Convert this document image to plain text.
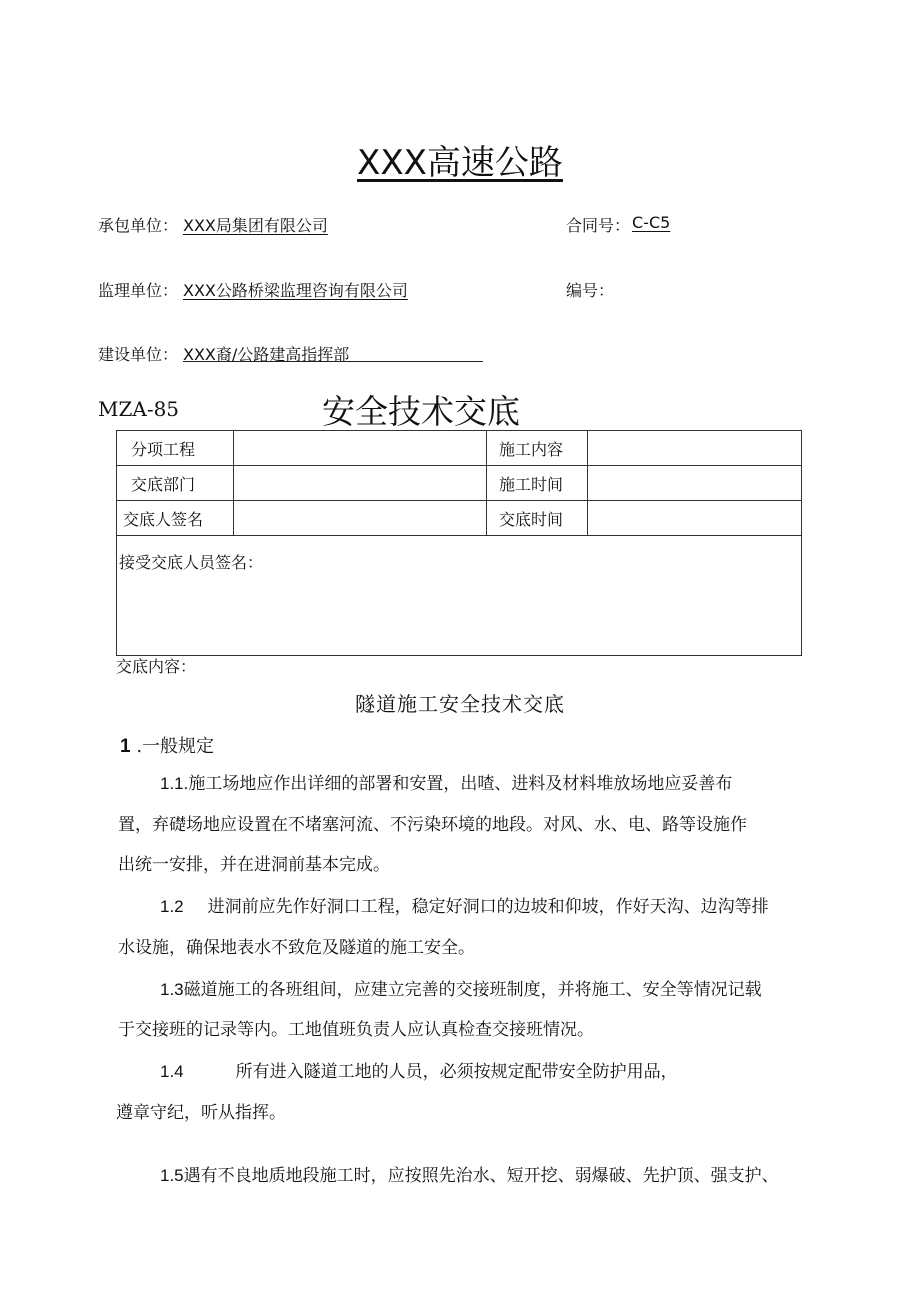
XXX高速公路
承包单位： XXX局集团有限公司	合同号： C-C5
监理单位： XXX公路桥梁监理咨询有限公司	编号：
建设单位： XXX裔/公路建高指挥部
MZA-85	安全技术交底
分项工程		施工内容	
交底部门		施工时间	
交底人签名		交底时间	
接受交底人员签名：			
交底内容：
隧道施工安全技术交底
1 .一般规定
1.1.施工场地应作出详细的部署和安置，出喳、进料及材料堆放场地应妥善布
置，弃礎场地应设置在不堵塞河流、不污染环境的地段。对风、水、电、路等设施作
出统一安排，并在进洞前基本完成。
1.2 进洞前应先作好洞口工程，稳定好洞口的边坡和仰坡，作好天沟、边沟等排
水设施，确保地表水不致危及隧道的施工安全。
1.3磁道施工的各班组间，应建立完善的交接班制度，并将施工、安全等情况记载
于交接班的记录等内。工地值班负责人应认真检查交接班情况。
1.4	所有进入隧道工地的人员，必须按规定配带安全防护用品，
遵章守纪，听从指挥。
1.5遇有不良地质地段施工时，应按照先治水、短开挖、弱爆破、先护顶、强支护、
